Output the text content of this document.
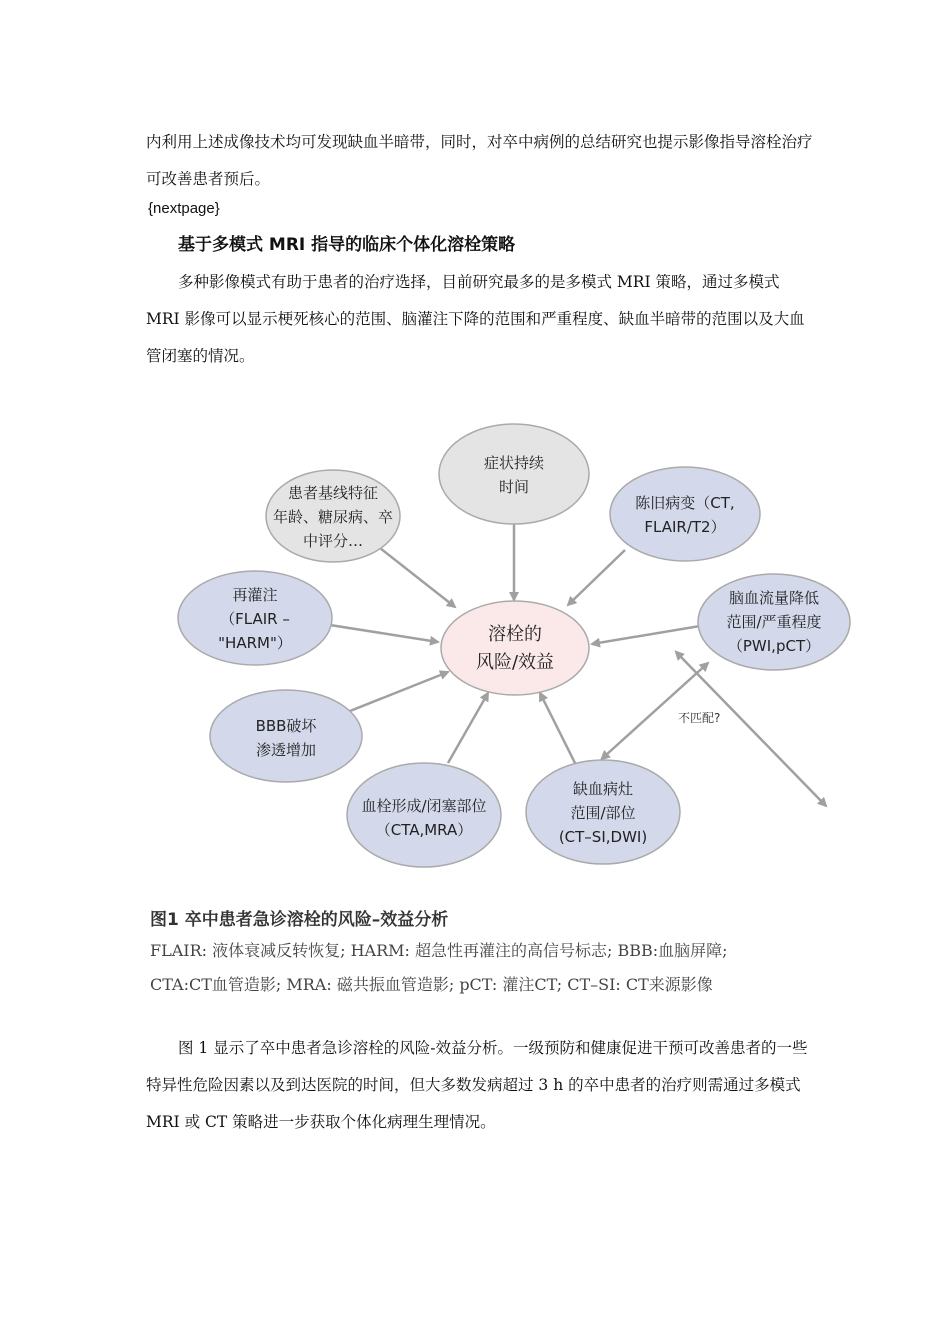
内利用上述成像技术均可发现缺血半暗带，同时，对卒中病例的总结研究也提示影像指导溶栓治疗可改善患者预后。

{nextpage}
基于多模式 MRI 指导的临床个体化溶栓策略

多种影像模式有助于患者的治疗选择，目前研究最多的是多模式 MRI 策略，通过多模式 MRI 影像可以显示梗死核心的范围、脑灌注下降的范围和严重程度、缺血半暗带的范围以及大血管闭塞的情况。

症状持续
时间
患者基线特征
年龄、糖尿病、卒
中评分…
陈旧病变（CT,
FLAIR/T2）
再灌注
（FLAIR –
"HARM"）
脑血流量降低
范围/严重程度
（PWI,pCT）
BBB破坏
渗透增加
血栓形成/闭塞部位
（CTA,MRA）
缺血病灶
范围/部位
(CT–SI,DWI)
溶栓的
风险/效益
不匹配?
图1 卒中患者急诊溶栓的风险–效益分析
FLAIR: 液体衰减反转恢复; HARM: 超急性再灌注的高信号标志; BBB:血脑屏障;
CTA:CT血管造影; MRA: 磁共振血管造影; pCT: 灌注CT; CT–SI: CT来源影像

图 1 显示了卒中患者急诊溶栓的风险-效益分析。一级预防和健康促进干预可改善患者的一些特异性危险因素以及到达医院的时间，但大多数发病超过 3 h 的卒中患者的治疗则需通过多模式 MRI 或 CT 策略进一步获取个体化病理生理情况。
